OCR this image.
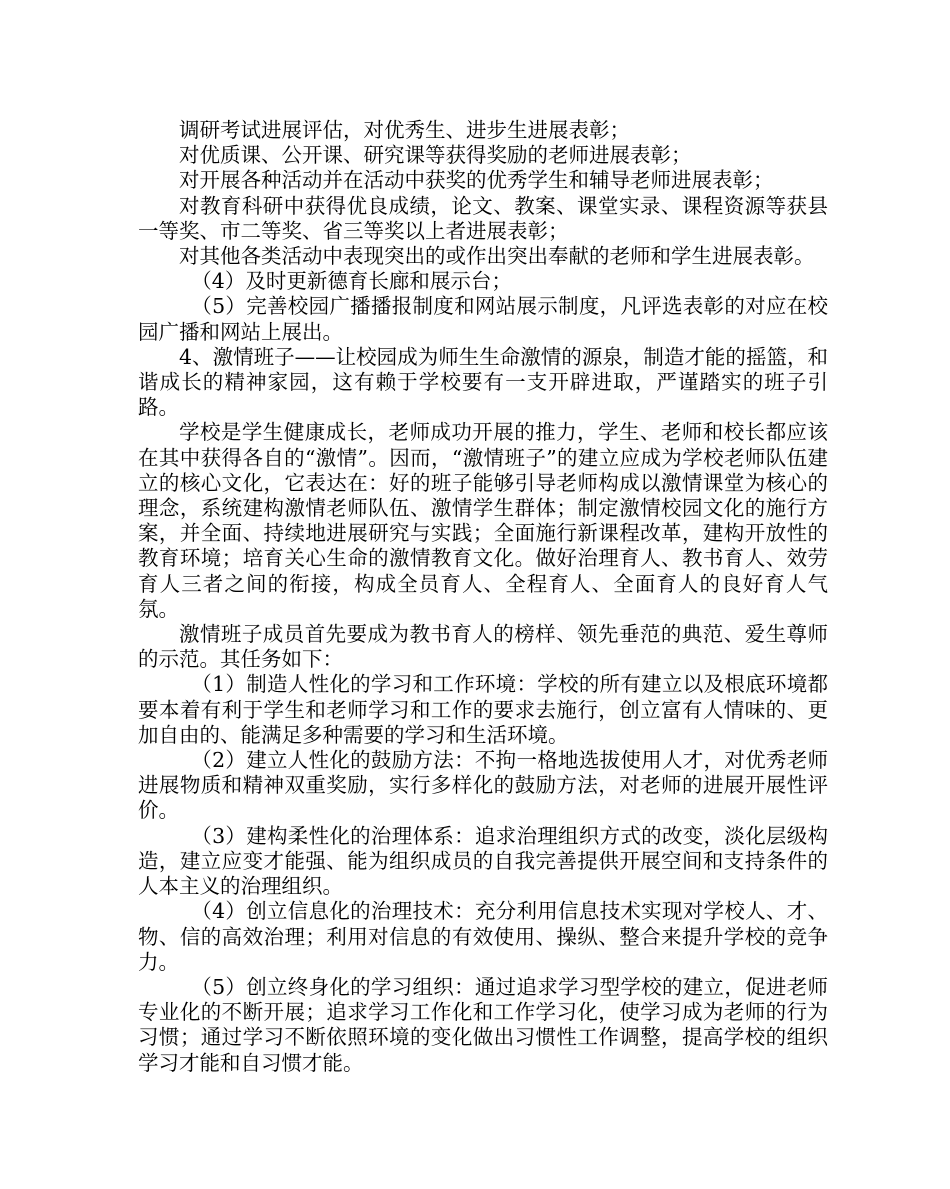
调研考试进展评估，对优秀生、进步生进展表彰；

对优质课、公开课、研究课等获得奖励的老师进展表彰；

对开展各种活动并在活动中获奖的优秀学生和辅导老师进展表彰；

对教育科研中获得优良成绩，论文、教案、课堂实录、课程资源等获县一等奖、市二等奖、省三等奖以上者进展表彰；

对其他各类活动中表现突出的或作出突出奉献的老师和学生进展表彰。

（4）及时更新德育长廊和展示台；

（5）完善校园广播播报制度和网站展示制度，凡评选表彰的对应在校园广播和网站上展出。

4、激情班子——让校园成为师生生命激情的源泉，制造才能的摇篮，和谐成长的精神家园，这有赖于学校要有一支开辟进取，严谨踏实的班子引路。

学校是学生健康成长，老师成功开展的推力，学生、老师和校长都应该在其中获得各自的“激情”。因而，“激情班子”的建立应成为学校老师队伍建立的核心文化，它表达在：好的班子能够引导老师构成以激情课堂为核心的理念，系统建构激情老师队伍、激情学生群体；制定激情校园文化的施行方案，并全面、持续地进展研究与实践；全面施行新课程改革，建构开放性的教育环境；培育关心生命的激情教育文化。做好治理育人、教书育人、效劳育人三者之间的衔接，构成全员育人、全程育人、全面育人的良好育人气氛。

激情班子成员首先要成为教书育人的榜样、领先垂范的典范、爱生尊师的示范。其任务如下：

（1）制造人性化的学习和工作环境：学校的所有建立以及根底环境都要本着有利于学生和老师学习和工作的要求去施行，创立富有人情味的、更加自由的、能满足多种需要的学习和生活环境。

（2）建立人性化的鼓励方法：不拘一格地选拔使用人才，对优秀老师进展物质和精神双重奖励，实行多样化的鼓励方法，对老师的进展开展性评价。

（3）建构柔性化的治理体系：追求治理组织方式的改变，淡化层级构造，建立应变才能强、能为组织成员的自我完善提供开展空间和支持条件的人本主义的治理组织。

（4）创立信息化的治理技术：充分利用信息技术实现对学校人、才、物、信的高效治理；利用对信息的有效使用、操纵、整合来提升学校的竞争力。

（5）创立终身化的学习组织：通过追求学习型学校的建立，促进老师专业化的不断开展；追求学习工作化和工作学习化，使学习成为老师的行为习惯；通过学习不断依照环境的变化做出习惯性工作调整，提高学校的组织学习才能和自习惯才能。
